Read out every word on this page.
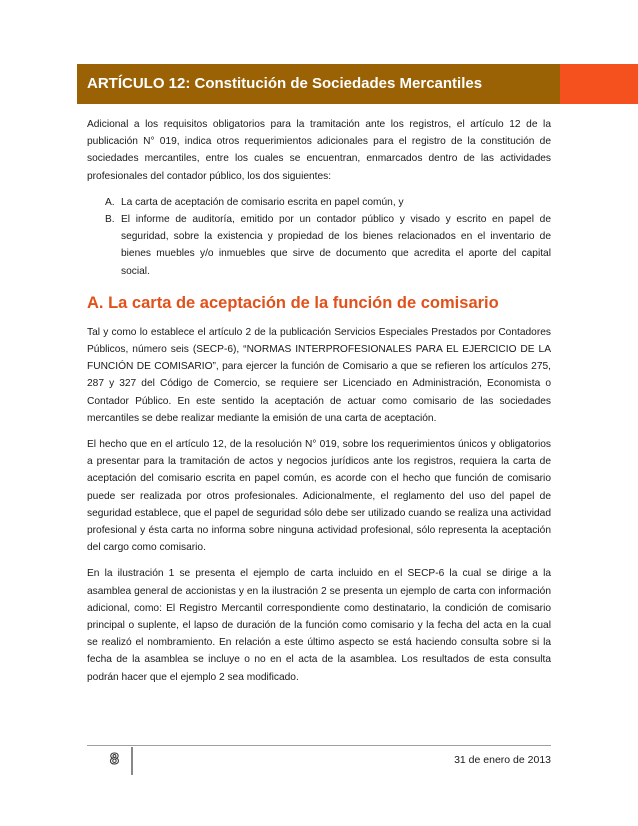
ARTÍCULO 12: Constitución de Sociedades Mercantiles

Adicional a los requisitos obligatorios para la tramitación ante los registros, el artículo 12 de la publicación N° 019, indica otros requerimientos adicionales para el registro de la constitución de sociedades mercantiles, entre los cuales se encuentran, enmarcados dentro de las actividades profesionales del contador público, los dos siguientes:

A. La carta de aceptación de comisario escrita en papel común, y
B. El informe de auditoría, emitido por un contador público y visado y escrito en papel de seguridad, sobre la existencia y propiedad de los bienes relacionados en el inventario de bienes muebles y/o inmuebles que sirve de documento que acredita el aporte del capital social.
A. La carta de aceptación de la función de comisario

Tal y como lo establece el artículo 2 de la publicación Servicios Especiales Prestados por Contadores Públicos, número seis (SECP-6), “NORMAS INTERPROFESIONALES PARA EL EJERCICIO DE LA FUNCIÓN DE COMISARIO”, para ejercer la función de Comisario a que se refieren los artículos 275, 287 y 327 del Código de Comercio, se requiere ser Licenciado en Administración, Economista o Contador Público. En este sentido la aceptación de actuar como comisario de las sociedades mercantiles se debe realizar mediante la emisión de una carta de aceptación.

El hecho que en el artículo 12, de la resolución N° 019, sobre los requerimientos únicos y obligatorios a presentar para la tramitación de actos y negocios jurídicos ante los registros, requiera la carta de aceptación del comisario escrita en papel común, es acorde con el hecho que función de comisario puede ser realizada por otros profesionales. Adicionalmente, el reglamento del uso del papel de seguridad establece, que el papel de seguridad sólo debe ser utilizado cuando se realiza una actividad profesional y ésta carta no informa sobre ninguna actividad profesional, sólo representa la aceptación del cargo como comisario.

En la ilustración 1 se presenta el ejemplo de carta incluido en el SECP-6 la cual se dirige a la asamblea general de accionistas y en la ilustración 2 se presenta un ejemplo de carta con información adicional, como: El Registro Mercantil correspondiente como destinatario, la condición de comisario principal o suplente, el lapso de duración de la función como comisario y la fecha del acta en la cual se realizó el nombramiento. En relación a este último aspecto se está haciendo consulta sobre si la fecha de la asamblea se incluye o no en el acta de la asamblea. Los resultados de esta consulta podrán hacer que el ejemplo 2 sea modificado.

8	31 de enero de 2013
